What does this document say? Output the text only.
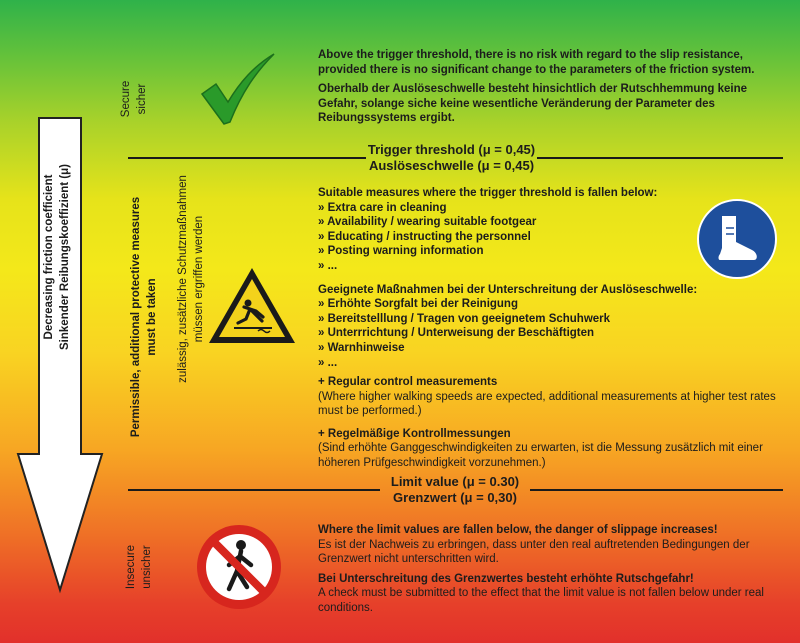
Decreasing friction coefficient Sinkender Reibungskoeffizient (μ)
Secure sicher
Above the trigger threshold, there is no risk with regard to the slip resistance, provided there is no significant change to the parameters of the friction system.
Oberhalb der Auslöseschwelle besteht hinsichtlich der Rutschhemmung keine Gefahr, solange siche keine wesentliche Veränderung der Parameter des Reibungssystems ergibt.
Trigger threshold (μ = 0,45)
Auslöseschwelle (μ = 0,45)
Permissible, additional protective measures must be taken zulässig, zusätzliche Schutzmaßnahmen müssen ergriffen werden
Suitable measures where the trigger threshold is fallen below:
» Extra care in cleaning
» Availability / wearing suitable footgear
» Educating / instructing the personnel
» Posting warning information
» ...
Geeignete Maßnahmen bei der Unterschreitung der Auslöseschwelle:
» Erhöhte Sorgfalt bei der Reinigung
» Bereitstelllung / Tragen von geeignetem Schuhwerk
» Unterrrichtung / Unterweisung der Beschäftigten
» Warnhinweise
» ...
+ Regular control measurements
(Where higher walking speeds are expected, additional measurements at higher test rates must be performed.)
+ Regelmäßige Kontrollmessungen
(Sind erhöhte Ganggeschwindigkeiten zu erwarten, ist die Messung zusätzlich mit einer höheren Prüfgeschwindigkeit vorzunehmen.)
Limit value (μ = 0.30)
Grenzwert (μ = 0,30)
Insecure unsicher
Where the limit values are fallen below, the danger of slippage increases!
Es ist der Nachweis zu erbringen, dass unter den real auftretenden Bedingungen der Grenzwert nicht unterschritten wird.
Bei Unterschreitung des Grenzwertes besteht erhöhte Rutschgefahr!
A check must be submitted to the effect that the limit value is not fallen below under real conditions.
